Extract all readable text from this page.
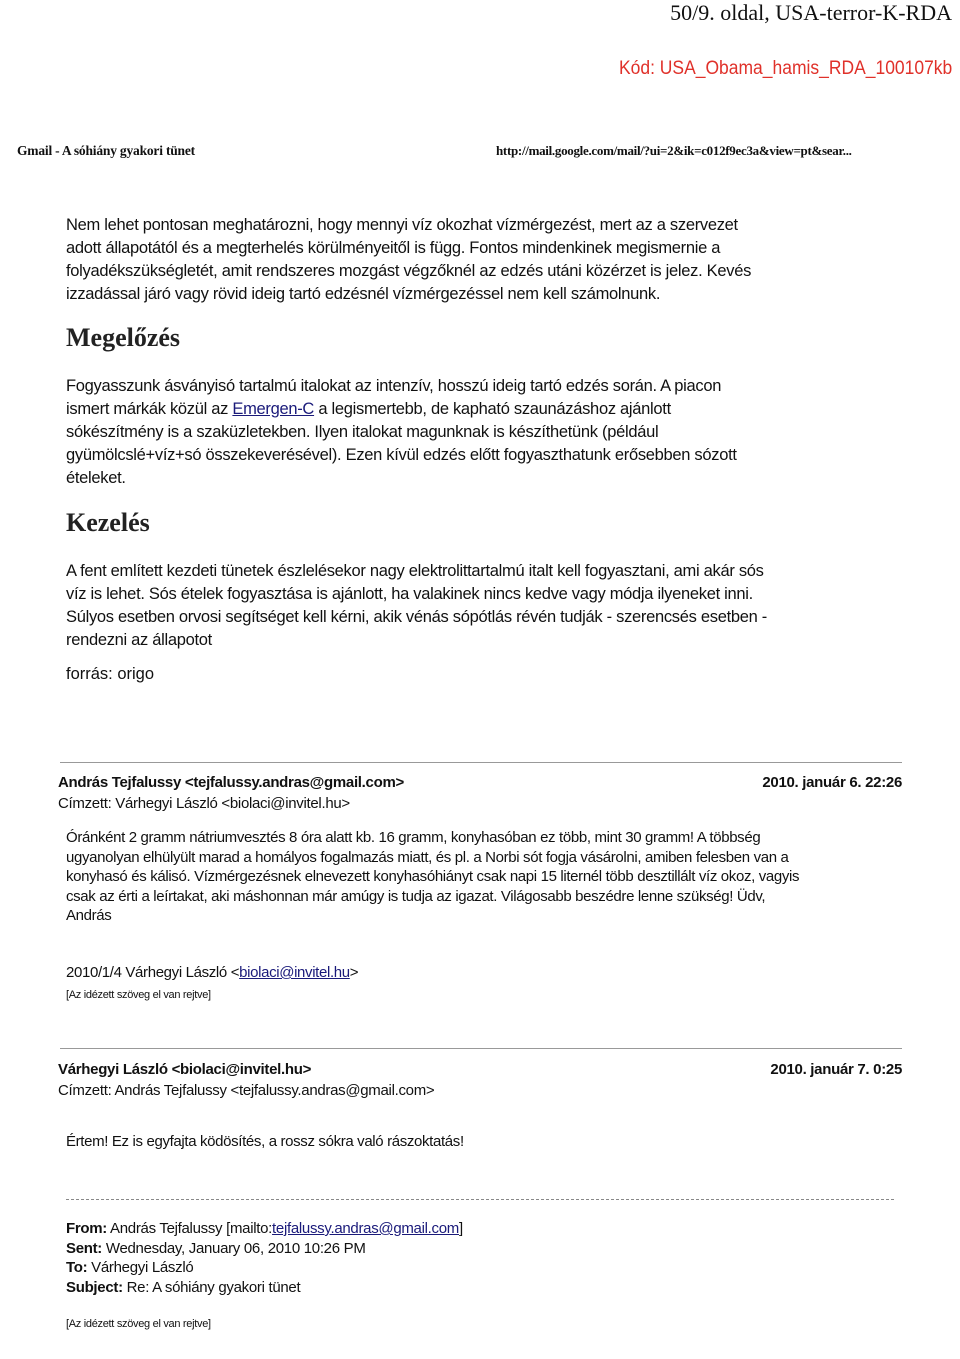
50/9. oldal, USA-terror-K-RDA
Kód: USA_Obama_hamis_RDA_100107kb
Gmail - A sóhiány gyakori tünet	http://mail.google.com/mail/?ui=2&ik=c012f9ec3a&view=pt&sear...
Nem lehet pontosan meghatározni, hogy mennyi víz okozhat vízmérgezést, mert az a szervezet
adott állapotától és a megterhelés körülményeitől is függ. Fontos mindenkinek megismernie a
folyadékszükségletét, amit rendszeres mozgást végzőknél az edzés utáni közérzet is jelez. Kevés
izzadással járó vagy rövid ideig tartó edzésnél vízmérgezéssel nem kell számolnunk.
Megelőzés
Fogyasszunk ásványisó tartalmú italokat az intenzív, hosszú ideig tartó edzés során. A piacon
ismert márkák közül az Emergen-C a legismertebb, de kapható szaunázáshoz ajánlott
sókészítmény is a szaküzletekben. Ilyen italokat magunknak is készíthetünk (például
gyümölcslé+víz+só összekeverésével). Ezen kívül edzés előtt fogyaszthatunk erősebben sózott
ételeket.
Kezelés
A fent említett kezdeti tünetek észlelésekor nagy elektrolittartalmú italt kell fogyasztani, ami akár sós
víz is lehet. Sós ételek fogyasztása is ajánlott, ha valakinek nincs kedve vagy módja ilyeneket inni.
Súlyos esetben orvosi segítséget kell kérni, akik vénás sópótlás révén tudják - szerencsés esetben -
rendezni az állapotot
forrás: origo
András Tejfalussy <tejfalussy.andras@gmail.com>	2010. január 6. 22:26
Címzett: Várhegyi László <biolaci@invitel.hu>
Óránként 2 gramm nátriumvesztés 8 óra alatt kb. 16 gramm, konyhasóban ez több, mint 30 gramm! A többség
ugyanolyan elhülyült marad a homályos fogalmazás miatt, és pl. a Norbi sót fogja vásárolni, amiben felesben van a
konyhasó és kálisó. Vízmérgezésnek elnevezett konyhasóhiányt csak napi 15 liternél több desztillált víz okoz, vagyis
csak az érti a leírtakat, aki máshonnan már amúgy is tudja az igazat. Világosabb beszédre lenne szükség! Üdv,
András
2010/1/4 Várhegyi László <biolaci@invitel.hu>
[Az idézett szöveg el van rejtve]
Várhegyi László <biolaci@invitel.hu>	2010. január 7. 0:25
Címzett: András Tejfalussy <tejfalussy.andras@gmail.com>
Értem! Ez is egyfajta ködösítés, a rossz sókra való rászoktatás!
From: András Tejfalussy [mailto:tejfalussy.andras@gmail.com]
Sent: Wednesday, January 06, 2010 10:26 PM
To: Várhegyi László
Subject: Re: A sóhiány gyakori tünet
[Az idézett szöveg el van rejtve]
